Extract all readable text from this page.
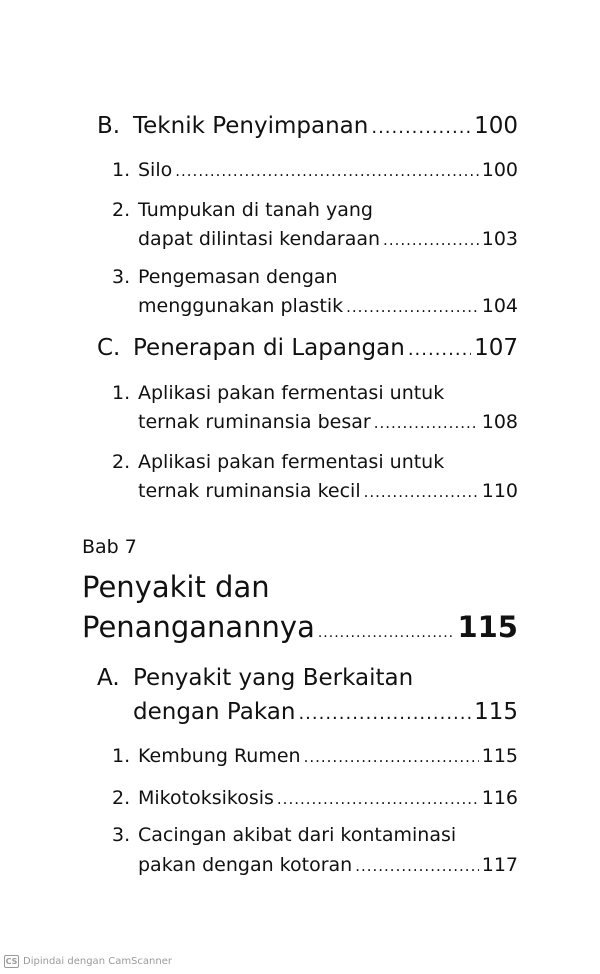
B. Teknik Penyimpanan .....	100
1. Silo .....	100
2. Tumpukan di tanah yang
dapat dilintasi kendaraan .....	103
3. Pengemasan dengan
menggunakan plastik .....	104
C. Penerapan di Lapangan .....	107
1. Aplikasi pakan fermentasi untuk
ternak ruminansia besar .....	108
2. Aplikasi pakan fermentasi untuk
ternak ruminansia kecil .....	110
Bab 7
Penyakit dan
Penanganannya .....	115
A. Penyakit yang Berkaitan
dengan Pakan .....	115
1. Kembung Rumen .....	115
2. Mikotoksikosis .....	116
3. Cacingan akibat dari kontaminasi
pakan dengan kotoran .....	117
CS Dipindai dengan CamScanner
